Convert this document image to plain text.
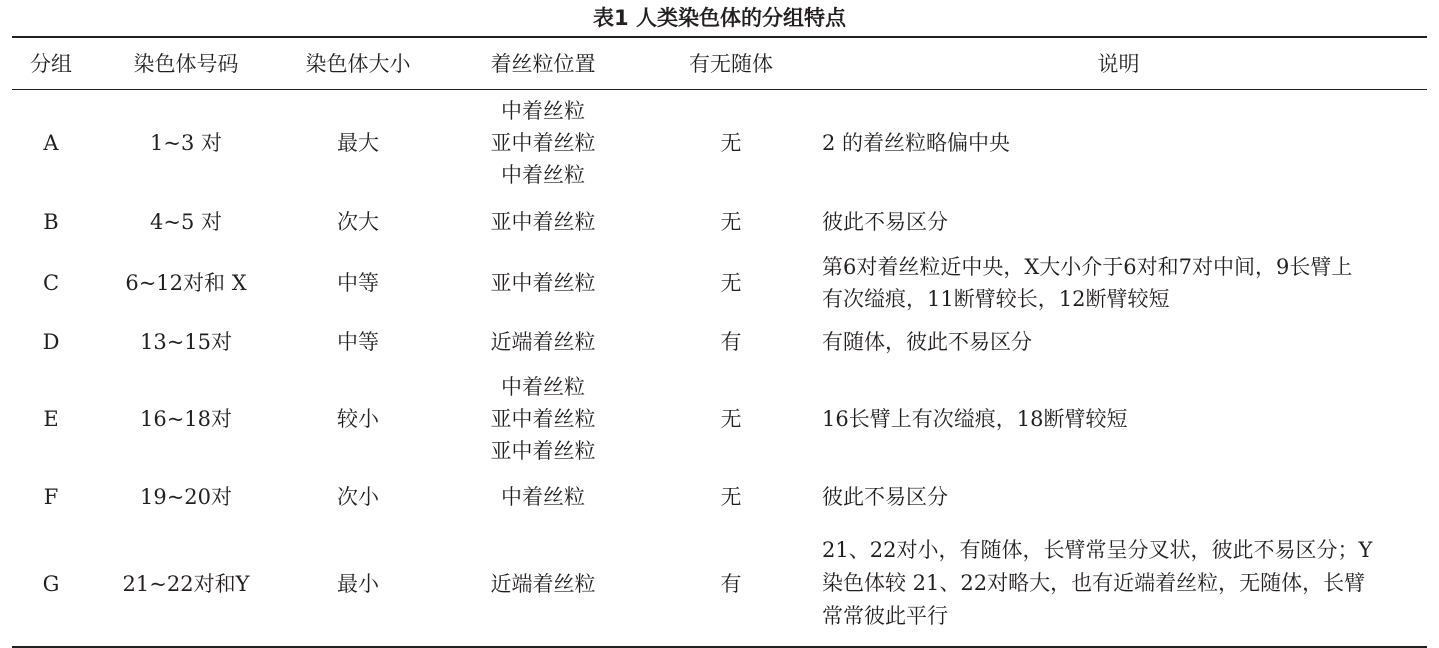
表1 人类染色体的分组特点
分组	染色体号码	染色体大小	着丝粒位置	有无随体	说明
A	1~3 对	最大	中着丝粒
亚中着丝粒
中着丝粒	无	2 的着丝粒略偏中央

B	4~5 对	次大	亚中着丝粒	无	彼此不易区分

C	6~12对和 X	中等	亚中着丝粒	无	第6对着丝粒近中央，X大小介于6对和7对中间，9长臂上
有次缢痕，11断臂较长，12断臂较短

D	13~15对	中等	近端着丝粒	有	有随体，彼此不易区分

E	16~18对	较小	中着丝粒
亚中着丝粒
亚中着丝粒	无	16长臂上有次缢痕，18断臂较短

F	19~20对	次小	中着丝粒	无	彼此不易区分

G	21~22对和Y	最小	近端着丝粒	有	21、22对小，有随体，长臂常呈分叉状，彼此不易区分；Y
染色体较 21、22对略大，也有近端着丝粒，无随体，长臂
常常彼此平行
